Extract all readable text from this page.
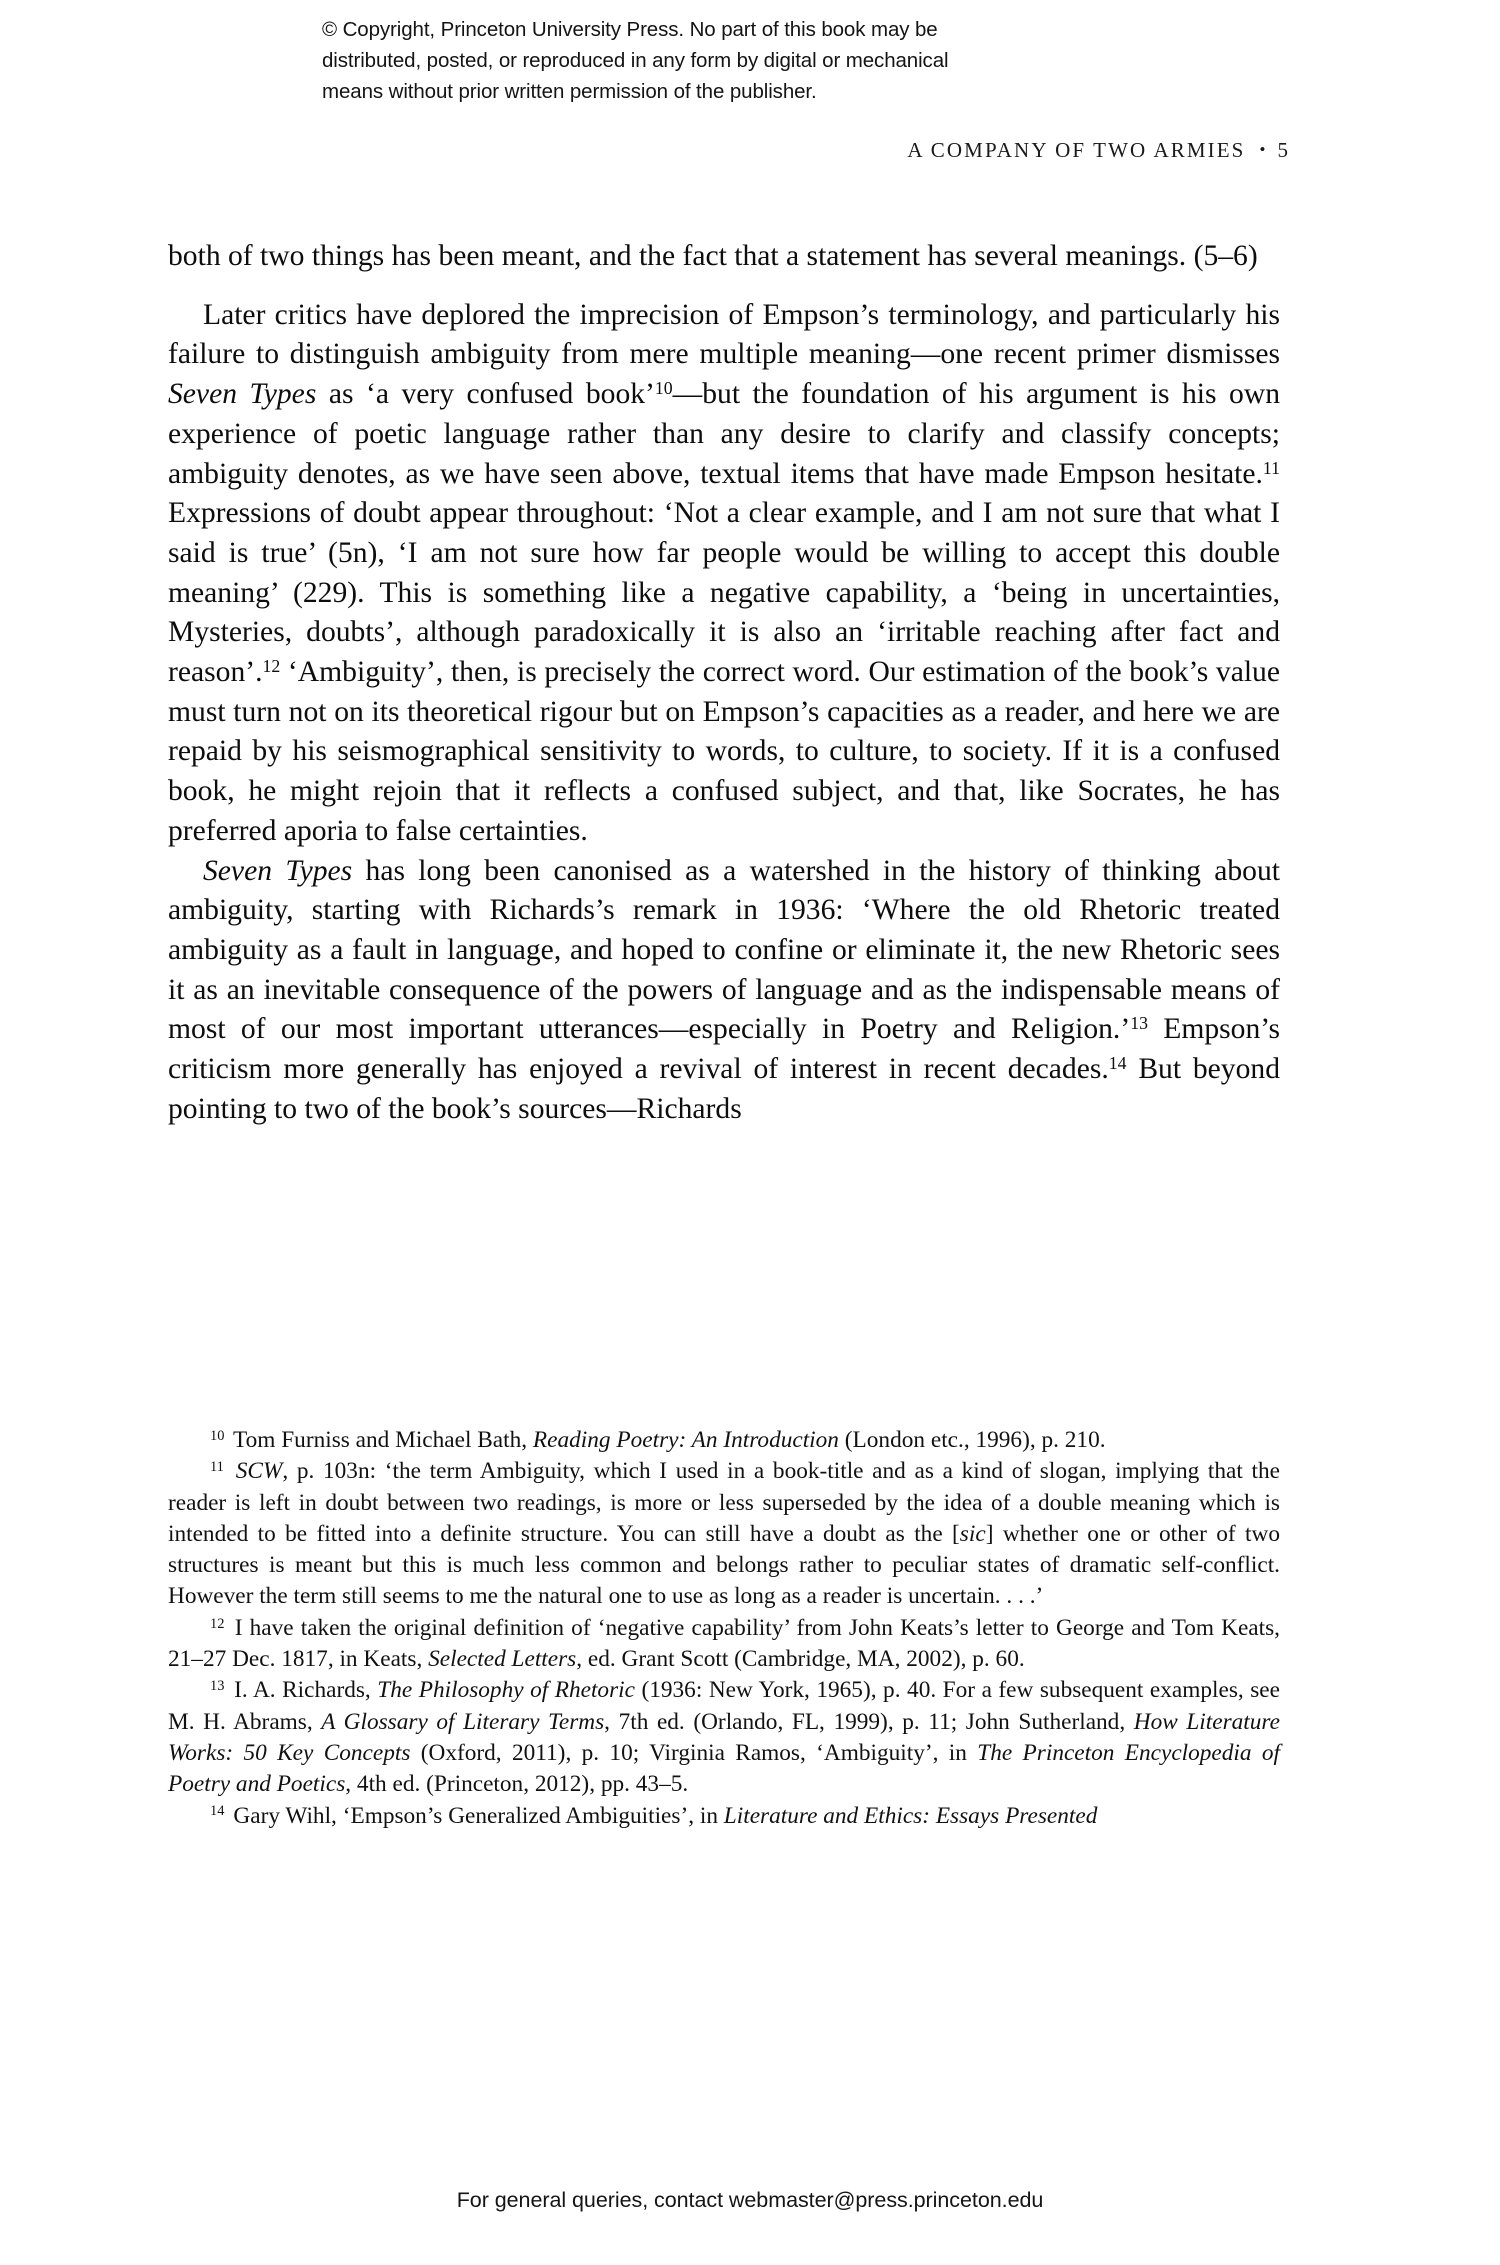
© Copyright, Princeton University Press. No part of this book may be
distributed, posted, or reproduced in any form by digital or mechanical
means without prior written permission of the publisher.
A COMPANY OF TWO ARMIES • 5

both of two things has been meant, and the fact that a statement has several meanings. (5–6)

Later critics have deplored the imprecision of Empson’s terminology, and particularly his failure to distinguish ambiguity from mere multiple meaning—one recent primer dismisses Seven Types as ‘a very confused book’$^{10}$—but the foundation of his argument is his own experience of poetic language rather than any desire to clarify and classify concepts; ambiguity denotes, as we have seen above, textual items that have made Empson hesitate.$^{11}$ Expressions of doubt appear throughout: ‘Not a clear example, and I am not sure that what I said is true’ (5n), ‘I am not sure how far people would be willing to accept this double meaning’ (229). This is something like a negative capability, a ‘being in uncertainties, Mysteries, doubts’, although paradoxically it is also an ‘irritable reaching after fact and reason’.$^{12}$ ‘Ambiguity’, then, is precisely the correct word. Our estimation of the book’s value must turn not on its theoretical rigour but on Empson’s capacities as a reader, and here we are repaid by his seismographical sensitivity to words, to culture, to society. If it is a confused book, he might rejoin that it reflects a confused subject, and that, like Socrates, he has preferred aporia to false certainties.

Seven Types has long been canonised as a watershed in the history of thinking about ambiguity, starting with Richards’s remark in 1936: ‘Where the old Rhetoric treated ambiguity as a fault in language, and hoped to confine or eliminate it, the new Rhetoric sees it as an inevitable consequence of the powers of language and as the indispensable means of most of our most important utterances—especially in Poetry and Religion.’$^{13}$ Empson’s criticism more generally has enjoyed a revival of interest in recent decades.$^{14}$ But beyond pointing to two of the book’s sources—Richards

$^{10}$ Tom Furniss and Michael Bath, Reading Poetry: An Introduction (London etc., 1996), p. 210.

$^{11}$ SCW, p. 103n: ‘the term Ambiguity, which I used in a book-title and as a kind of slogan, implying that the reader is left in doubt between two readings, is more or less superseded by the idea of a double meaning which is intended to be fitted into a definite structure. You can still have a doubt as the [sic] whether one or other of two structures is meant but this is much less common and belongs rather to peculiar states of dramatic self-conflict. However the term still seems to me the natural one to use as long as a reader is uncertain. . . .’

$^{12}$ I have taken the original definition of ‘negative capability’ from John Keats’s letter to George and Tom Keats, 21–27 Dec. 1817, in Keats, Selected Letters, ed. Grant Scott (Cambridge, MA, 2002), p. 60.

$^{13}$ I. A. Richards, The Philosophy of Rhetoric (1936: New York, 1965), p. 40. For a few subsequent examples, see M. H. Abrams, A Glossary of Literary Terms, 7th ed. (Orlando, FL, 1999), p. 11; John Sutherland, How Literature Works: 50 Key Concepts (Oxford, 2011), p. 10; Virginia Ramos, ‘Ambiguity’, in The Princeton Encyclopedia of Poetry and Poetics, 4th ed. (Princeton, 2012), pp. 43–5.

$^{14}$ Gary Wihl, ‘Empson’s Generalized Ambiguities’, in Literature and Ethics: Essays Presented

For general queries, contact webmaster@press.princeton.edu
